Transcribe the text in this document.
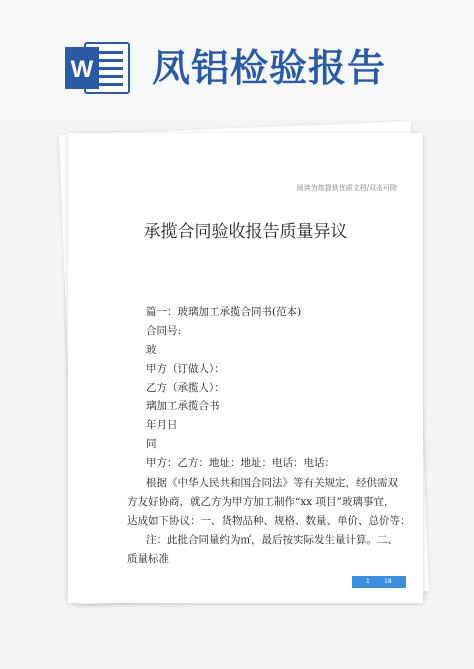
W 凤铝检验报告
阅读为您提供优质文档/双击可除
承揽合同验收报告质量异议
篇一：玻璃加工承揽合同书(范本)
合同号:
玻
甲方（订做人）：
乙方（承揽人）：
璃加工承揽合书
年月日
同
甲方：乙方：地址：地址：电话：电话：
根据《中华人民共和国合同法》等有关规定，经供需双
方友好协商，就乙方为甲方加工制作“xx 项目”玻璃事宜，
达成如下协议：一、货物品种、规格、数量、单价、总价等：
注：此批合同量约为㎡，最后按实际发生量计算。二、
质量标准
1 18
